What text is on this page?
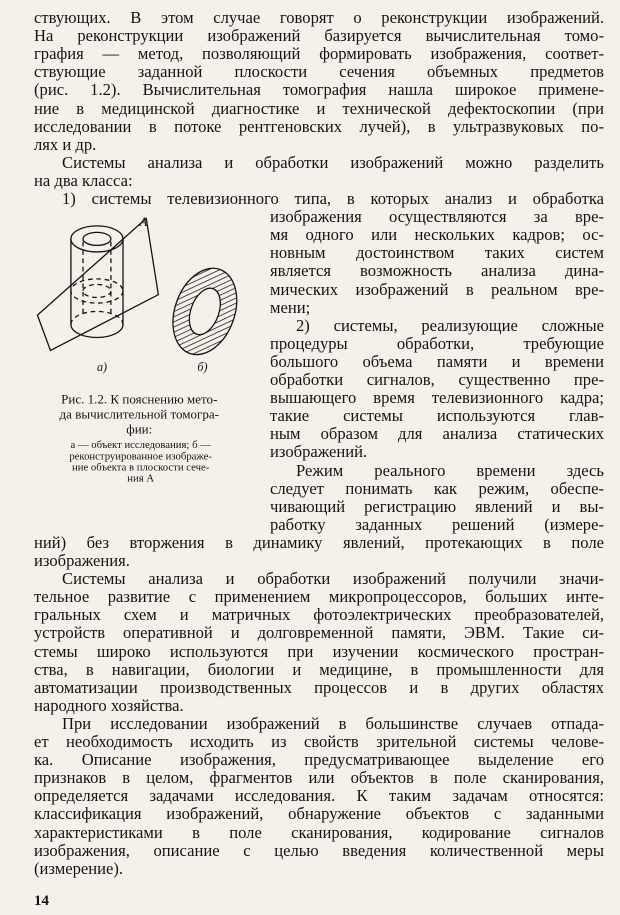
ствующих. В этом случае говорят о реконструкции изображений.
На реконструкции изображений базируется вычислительная томо-
графия — метод, позволяющий формировать изображения, соответ-
ствующие заданной плоскости сечения объемных предметов
(рис. 1.2). Вычислительная томография нашла широкое примене-
ние в медицинской диагностике и технической дефектоскопии (при
исследовании в потоке рентгеновских лучей), в ультразвуковых по-
лях и др.
Системы анализа и обработки изображений можно разделить
на два класса:
1) системы телевизионного типа, в которых анализ и обработка
изображения осуществляются за вре-
мя одного или нескольких кадров; ос-
новным достоинством таких систем
является возможность анализа дина-
мических изображений в реальном вре-
мени;
2) системы, реализующие сложные
процедуры обработки, требующие
большого объема памяти и времени
обработки сигналов, существенно пре-
вышающего время телевизионного кадра;
такие системы используются глав-
ным образом для анализа статических
изображений.
Режим реального времени здесь
следует понимать как режим, обеспе-
чивающий регистрацию явлений и вы-
работку заданных решений (измере-
ний) без вторжения в динамику явлений, протекающих в поле
изображения.
Системы анализа и обработки изображений получили значи-
тельное развитие с применением микропроцессоров, больших инте-
гральных схем и матричных фотоэлектрических преобразователей,
устройств оперативной и долговременной памяти, ЭВМ. Такие си-
стемы широко используются при изучении космического простран-
ства, в навигации, биологии и медицине, в промышленности для
автоматизации производственных процессов и в других областях
народного хозяйства.
A
а)	б)
Рис. 1.2. К пояснению мето-
да вычислительной томогра-
фии:
а — объект исследования; б —
реконструированное изображе-
ние объекта в плоскости сече-
ния А
14
При исследовании изображений в большинстве случаев отпада-
ет необходимость исходить из свойств зрительной системы челове-
ка. Описание изображения, предусматривающее выделение его
признаков в целом, фрагментов или объектов в поле сканирования,
определяется задачами исследования. К таким задачам относятся:
классификация изображений, обнаружение объектов с заданными
характеристиками в поле сканирования, кодирование сигналов
изображения, описание с целью введения количественной меры
(измерение).
